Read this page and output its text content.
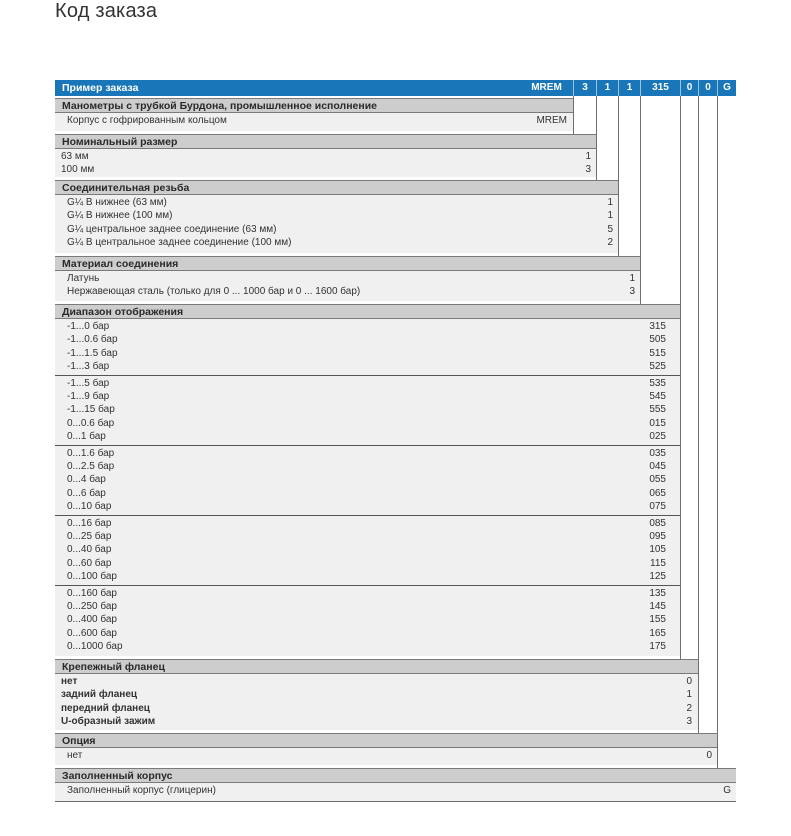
Код заказа
Пример заказа	MREM	3	1	1	315	0	0	G
Манометры с трубкой Бурдона, промышленное исполнение
Корпус с гофрированным кольцом	MREM
Номинальный размер
63 мм	1
100 мм	3
Соединительная резьба
G¼ B нижнее (63 мм)	1
G¼ B нижнее (100 мм)	1
G¼ центральное заднее соединение (63 мм)	5
G¼ B центральное заднее соединение (100 мм)	2
Материал соединения
Латунь	1
Нержавеющая сталь (только для 0 ... 1000 бар и 0 ... 1600 бар)	3
Диапазон отображения
-1...0 бар	315
-1...0.6 бар	505
-1...1.5 бар	515
-1...3 бар	525
-1...5 бар	535
-1...9 бар	545
-1...15 бар	555
0...0.6 бар	015
0...1 бар	025
0...1.6 бар	035
0...2.5 бар	045
0...4 бар	055
0...6 бар	065
0...10 бар	075
0...16 бар	085
0...25 бар	095
0...40 бар	105
0...60 бар	115
0...100 бар	125
0...160 бар	135
0...250 бар	145
0...400 бар	155
0...600 бар	165
0...1000 бар	175
Крепежный фланец
нет	0
задний фланец	1
передний фланец	2
U-образный зажим	3
Опция
нет	0
Заполненный корпус
Заполненный корпус (глицерин)	G
